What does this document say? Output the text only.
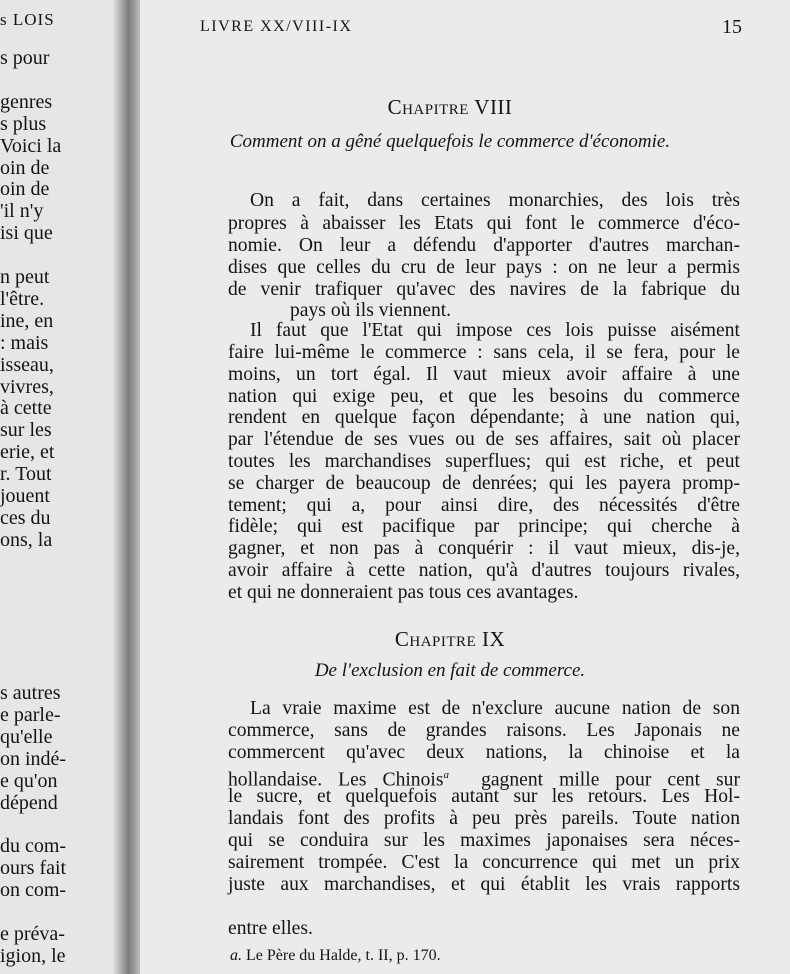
s LOIS
s pour
genres
s plus
Voici la
oin de
oin de
'il n'y
isi que
n peut
l'être.
ine, en
: mais
isseau,
vivres,
à cette
sur les
erie, et
r. Tout
jouent
ces du
ons, la
s autres
e parle-
qu'elle
on indé-
e qu'on
dépend
du com-
ours fait
on com-
e préva-
igion, le
LIVRE XX/VIII-IX	15
Chapitre VIII
Comment on a gêné quelquefois le commerce d'économie.
On a fait, dans certaines monarchies, des lois très
propres à abaisser les Etats qui font le commerce d'éco-
nomie. On leur a défendu d'apporter d'autres marchan-
dises que celles du cru de leur pays : on ne leur a permis
de venir trafiquer qu'avec des navires de la fabrique du
pays où ils viennent.
Il faut que l'Etat qui impose ces lois puisse aisément
faire lui-même le commerce : sans cela, il se fera, pour le
moins, un tort égal. Il vaut mieux avoir affaire à une
nation qui exige peu, et que les besoins du commerce
rendent en quelque façon dépendante; à une nation qui,
par l'étendue de ses vues ou de ses affaires, sait où placer
toutes les marchandises superflues; qui est riche, et peut
se charger de beaucoup de denrées; qui les payera promp-
tement; qui a, pour ainsi dire, des nécessités d'être
fidèle; qui est pacifique par principe; qui cherche à
gagner, et non pas à conquérir : il vaut mieux, dis-je,
avoir affaire à cette nation, qu'à d'autres toujours rivales,
et qui ne donneraient pas tous ces avantages.
Chapitre IX
De l'exclusion en fait de commerce.
La vraie maxime est de n'exclure aucune nation de son
commerce, sans de grandes raisons. Les Japonais ne
commercent qu'avec deux nations, la chinoise et la
hollandaise. Les Chinois$^a$ gagnent mille pour cent sur
le sucre, et quelquefois autant sur les retours. Les Hol-
landais font des profits à peu près pareils. Toute nation
qui se conduira sur les maximes japonaises sera néces-
sairement trompée. C'est la concurrence qui met un prix
juste aux marchandises, et qui établit les vrais rapports
entre elles.
a. Le Père du Halde, t. II, p. 170.
